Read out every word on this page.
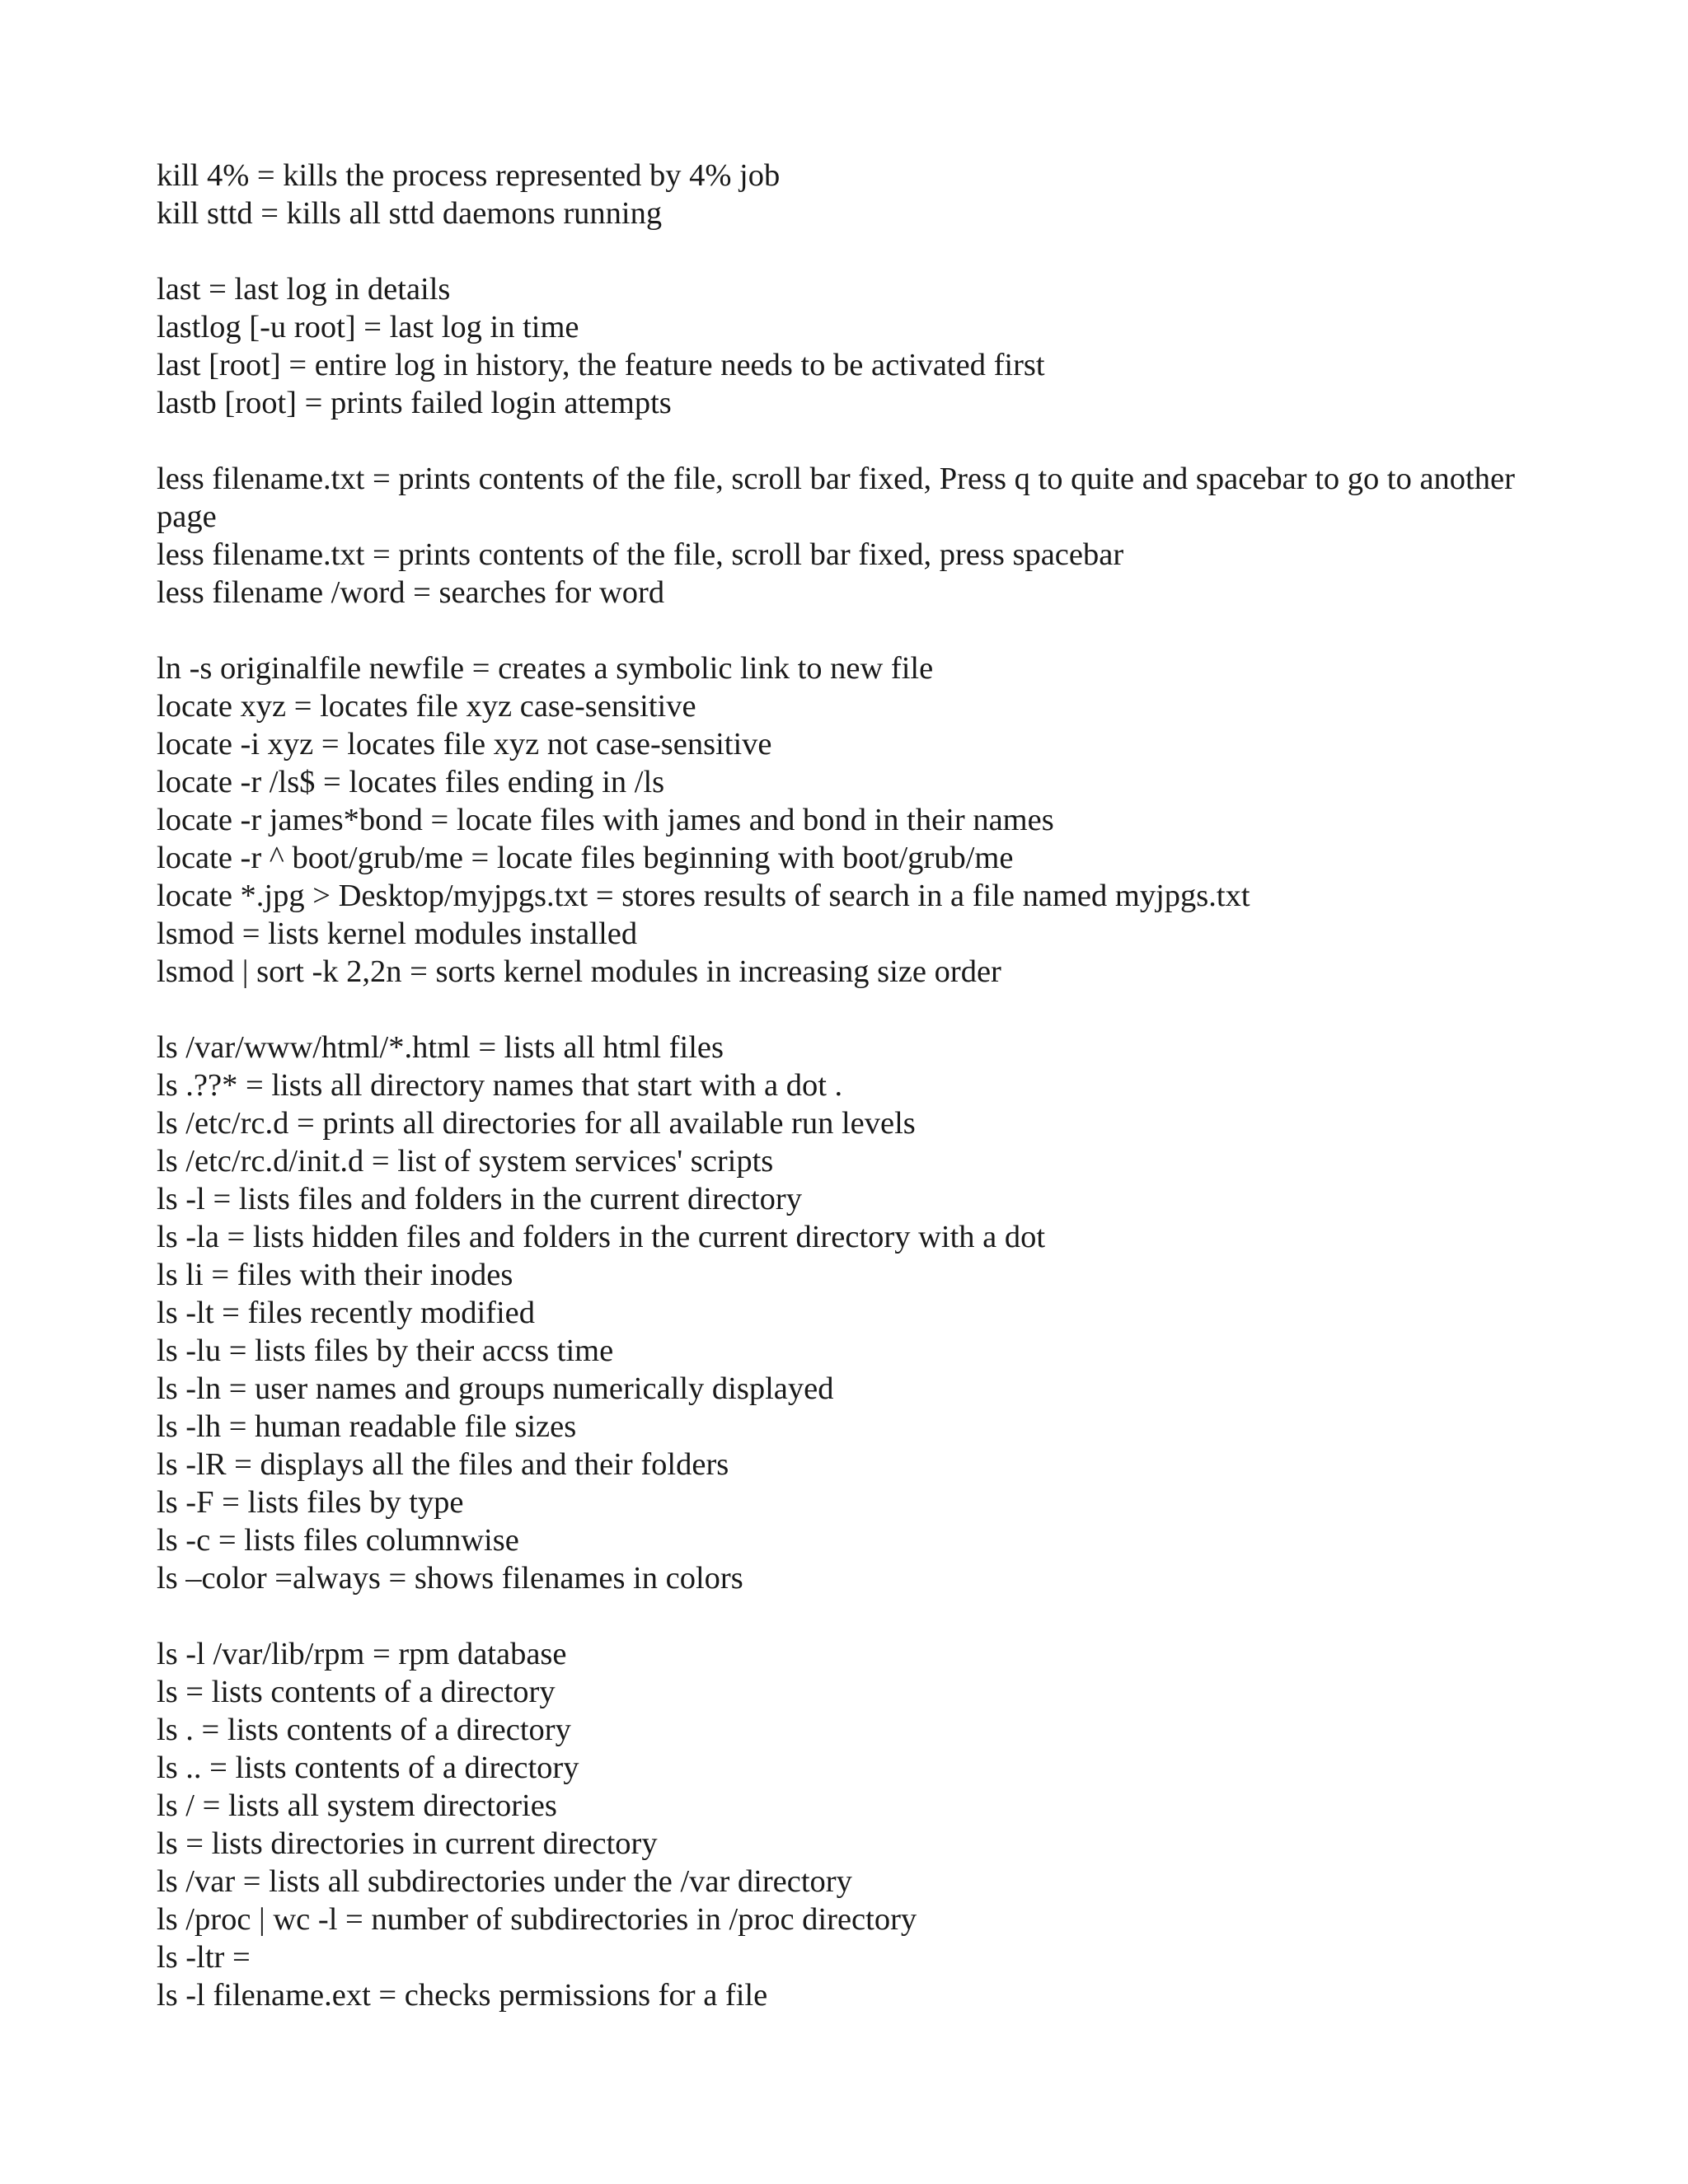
kill 4% = kills the process represented by 4% job
kill sttd = kills all sttd daemons running
last = last log in details
lastlog [-u root] = last log in time
last [root] = entire log in history, the feature needs to be activated first
lastb [root] = prints failed login attempts
less filename.txt = prints contents of the file, scroll bar fixed, Press q to quite and spacebar to go to another page
less filename.txt = prints contents of the file, scroll bar fixed, press spacebar
less filename /word = searches for word
ln -s originalfile newfile = creates a symbolic link to new file
locate xyz = locates file xyz case-sensitive
locate -i xyz = locates file xyz not case-sensitive
locate -r /ls$ = locates files ending in /ls
locate -r james*bond = locate files with james and bond in their names
locate -r ^ boot/grub/me = locate files beginning with boot/grub/me
locate *.jpg > Desktop/myjpgs.txt = stores results of search in a file named myjpgs.txt
lsmod = lists kernel modules installed
lsmod | sort -k 2,2n = sorts kernel modules in increasing size order
ls /var/www/html/*.html = lists all html files
ls .??* = lists all directory names that start with a dot .
ls /etc/rc.d = prints all directories for all available run levels
ls /etc/rc.d/init.d = list of system services' scripts
ls -l = lists files and folders in the current directory
ls -la = lists hidden files and folders in the current directory with a dot
ls li = files with their inodes
ls -lt = files recently modified
ls -lu = lists files by their accss time
ls -ln = user names and groups numerically displayed
ls -lh = human readable file sizes
ls -lR = displays all the files and their folders
ls -F = lists files by type
ls -c = lists files columnwise
ls –color =always = shows filenames in colors
ls -l /var/lib/rpm = rpm database
ls = lists contents of a directory
ls . = lists contents of a directory
ls .. = lists contents of a directory
ls / = lists all system directories
ls = lists directories in current directory
ls /var = lists all subdirectories under the /var directory
ls /proc | wc -l = number of subdirectories in /proc directory
ls -ltr =
ls -l filename.ext = checks permissions for a file
